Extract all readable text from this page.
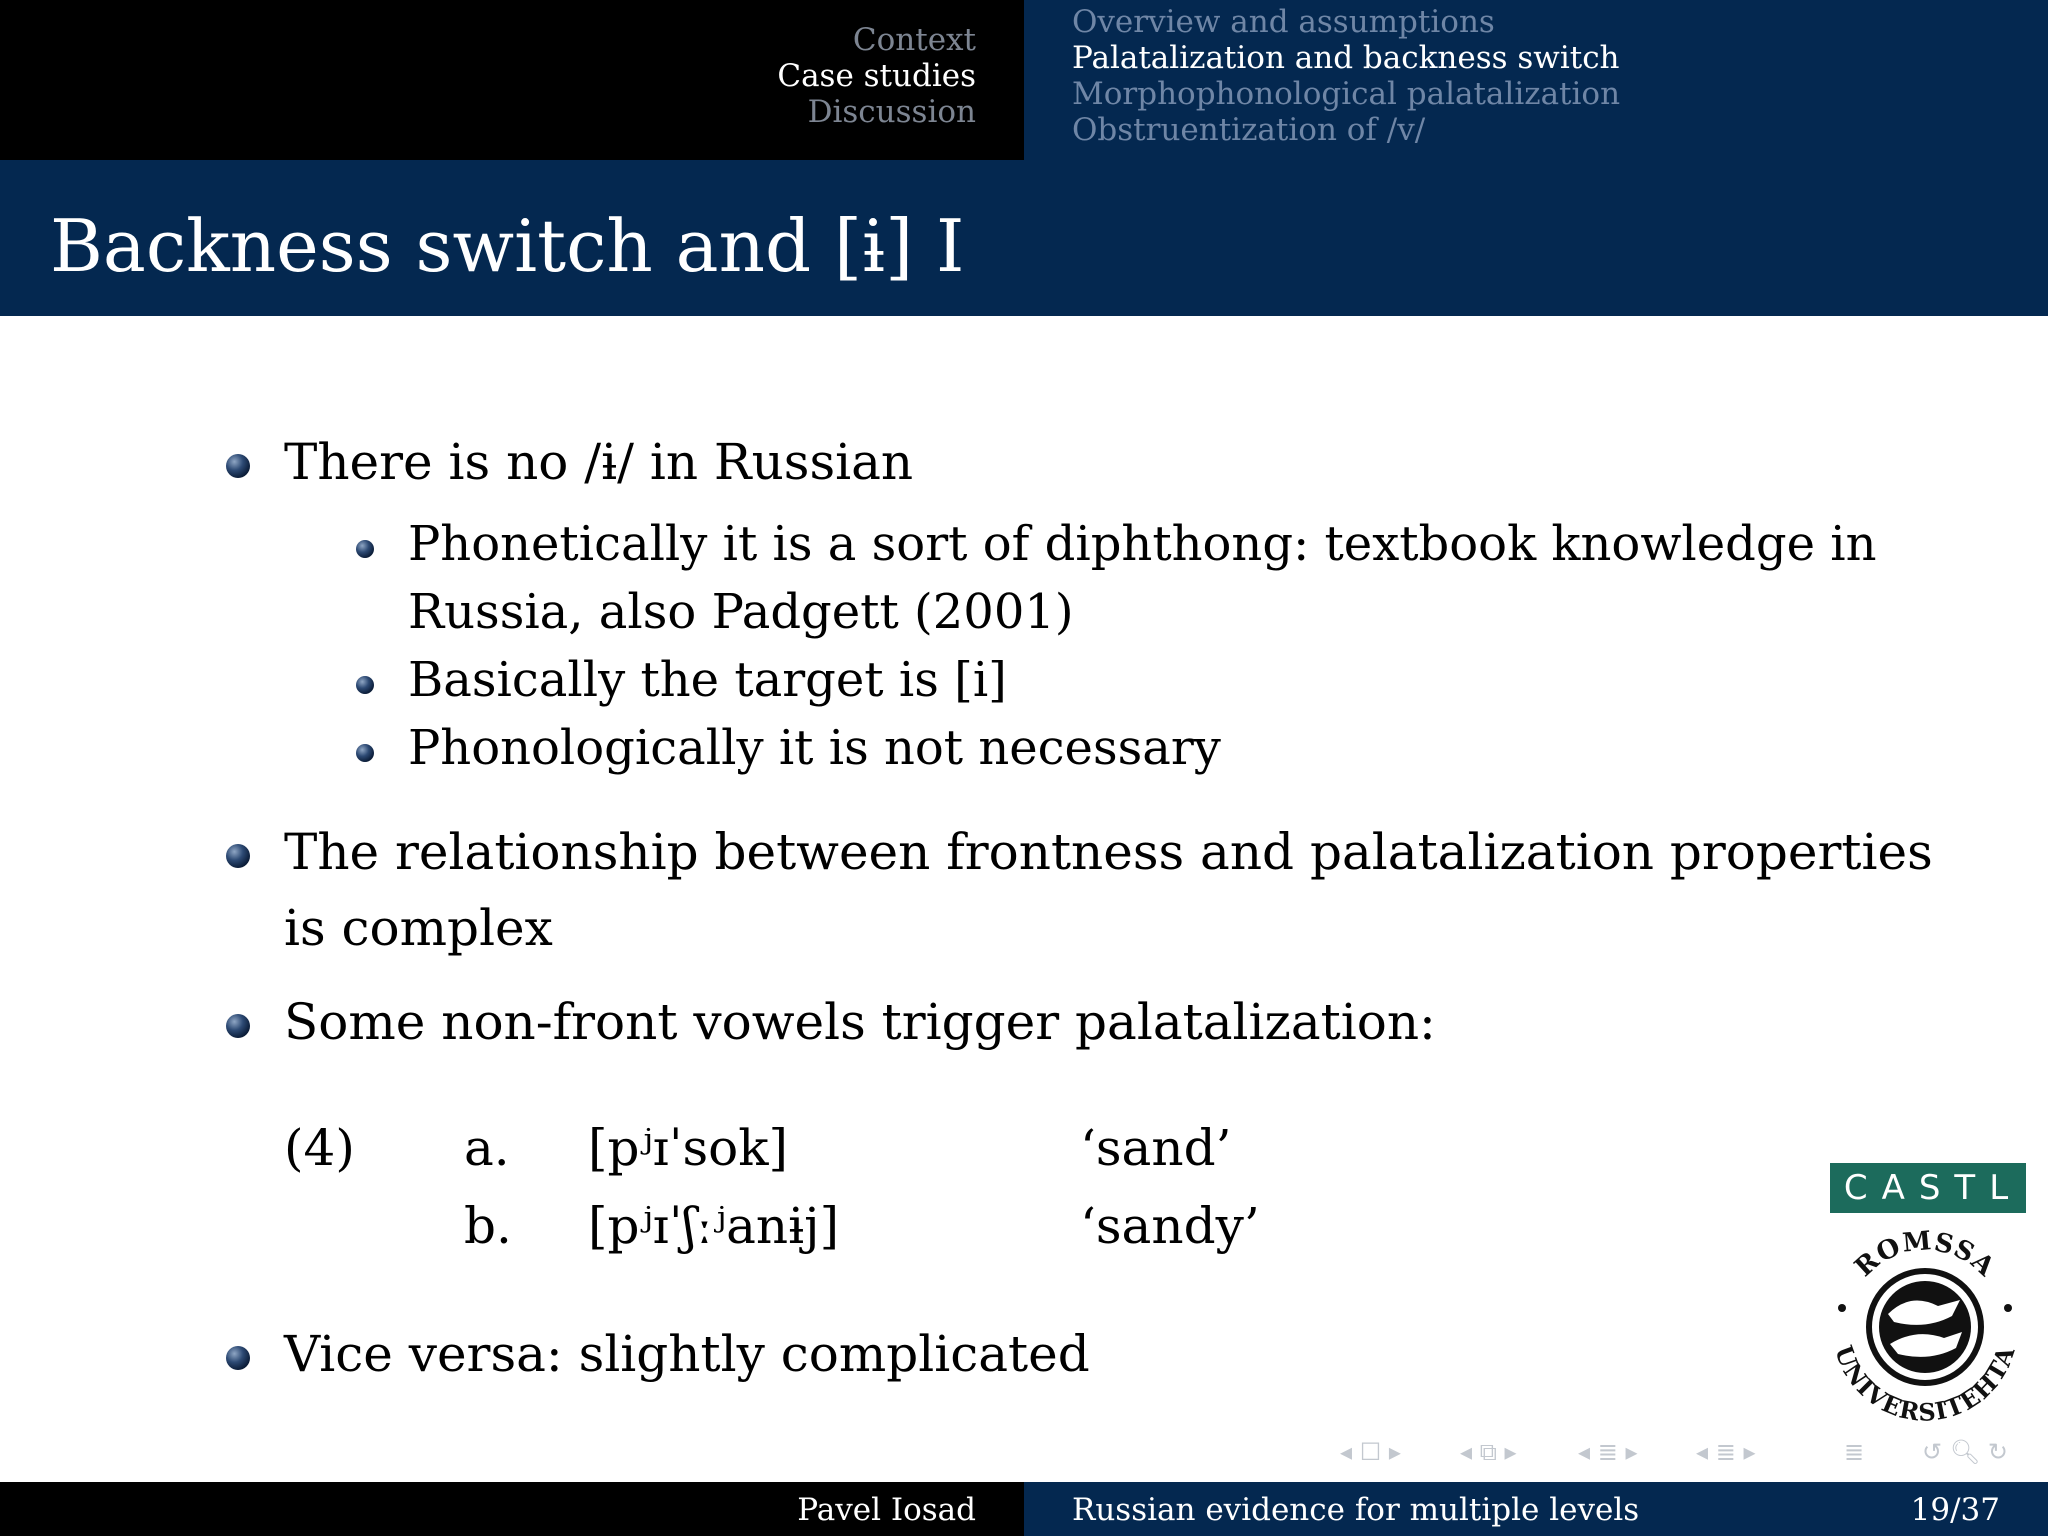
Context
Case studies
Discussion
Overview and assumptions
Palatalization and backness switch
Morphophonological palatalization
Obstruentization of /v/
Backness switch and [ɨ] I
There is no /ɨ/ in Russian
Phonetically it is a sort of diphthong: textbook knowledge in
Russia, also Padgett (2001)
Basically the target is [i]
Phonologically it is not necessary
The relationship between frontness and palatalization properties
is complex
Some non-front vowels trigger palatalization:
(4) a. [pʲɪˈsok]	‘sand’
b. [pʲɪˈʃːʲanɨj]	‘sandy’
Vice versa: slightly complicated
CASTL
ROMSSA
UNIVERSITEHTA
◂ ☐ ▸ ◂ ⧉ ▸	◂ ≣ ▸ ◂ ≣ ▸	≣ ↺ 🔍︎ ↻
Pavel Iosad	Russian evidence for multiple levels	19/37
